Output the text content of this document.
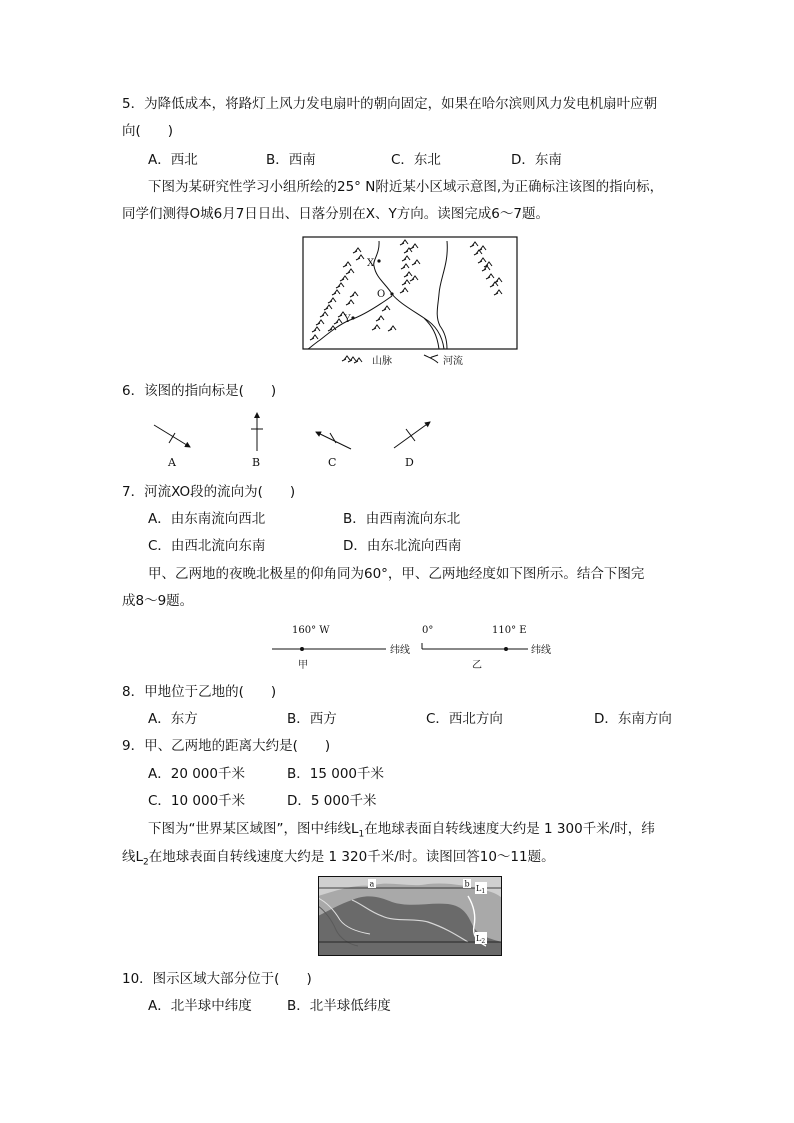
5．为降低成本，将路灯上风力发电扇叶的朝向固定，如果在哈尔滨则风力发电机扇叶应朝
向(　　)
A．西北	B．西南	C．东北	D．东南
下图为某研究性学习小组所绘的25° N附近某小区域示意图,为正确标注该图的指向标，
同学们测得O城6月7日日出、日落分别在X、Y方向。读图完成6～7题。
X
O
Y
山脉	河流
6．该图的指向标是(　　)
A	B	C	D
7．河流XO段的流向为(　　)
A．由东南流向西北	B．由西南流向东北
C．由西北流向东南	D．由东北流向西南
甲、乙两地的夜晚北极星的仰角同为60°，甲、乙两地经度如下图所示。结合下图完
成8～9题。
160° W
甲
纬线
0°	110° E
乙
纬线
8．甲地位于乙地的(　　)
A．东方	B．西方	C．西北方向	D．东南方向
9．甲、乙两地的距离大约是(　　)
A．20 000千米	B．15 000千米
C．10 000千米	D．5 000千米
下图为“世界某区域图”，图中纬线$L_1$在地球表面自转线速度大约是 1 300千米/时，纬
线$L_2$在地球表面自转线速度大约是 1 320千米/时。读图回答10～11题。
a	b $L_1$
$L_2$
10．图示区域大部分位于(　　)
A．北半球中纬度	B．北半球低纬度
